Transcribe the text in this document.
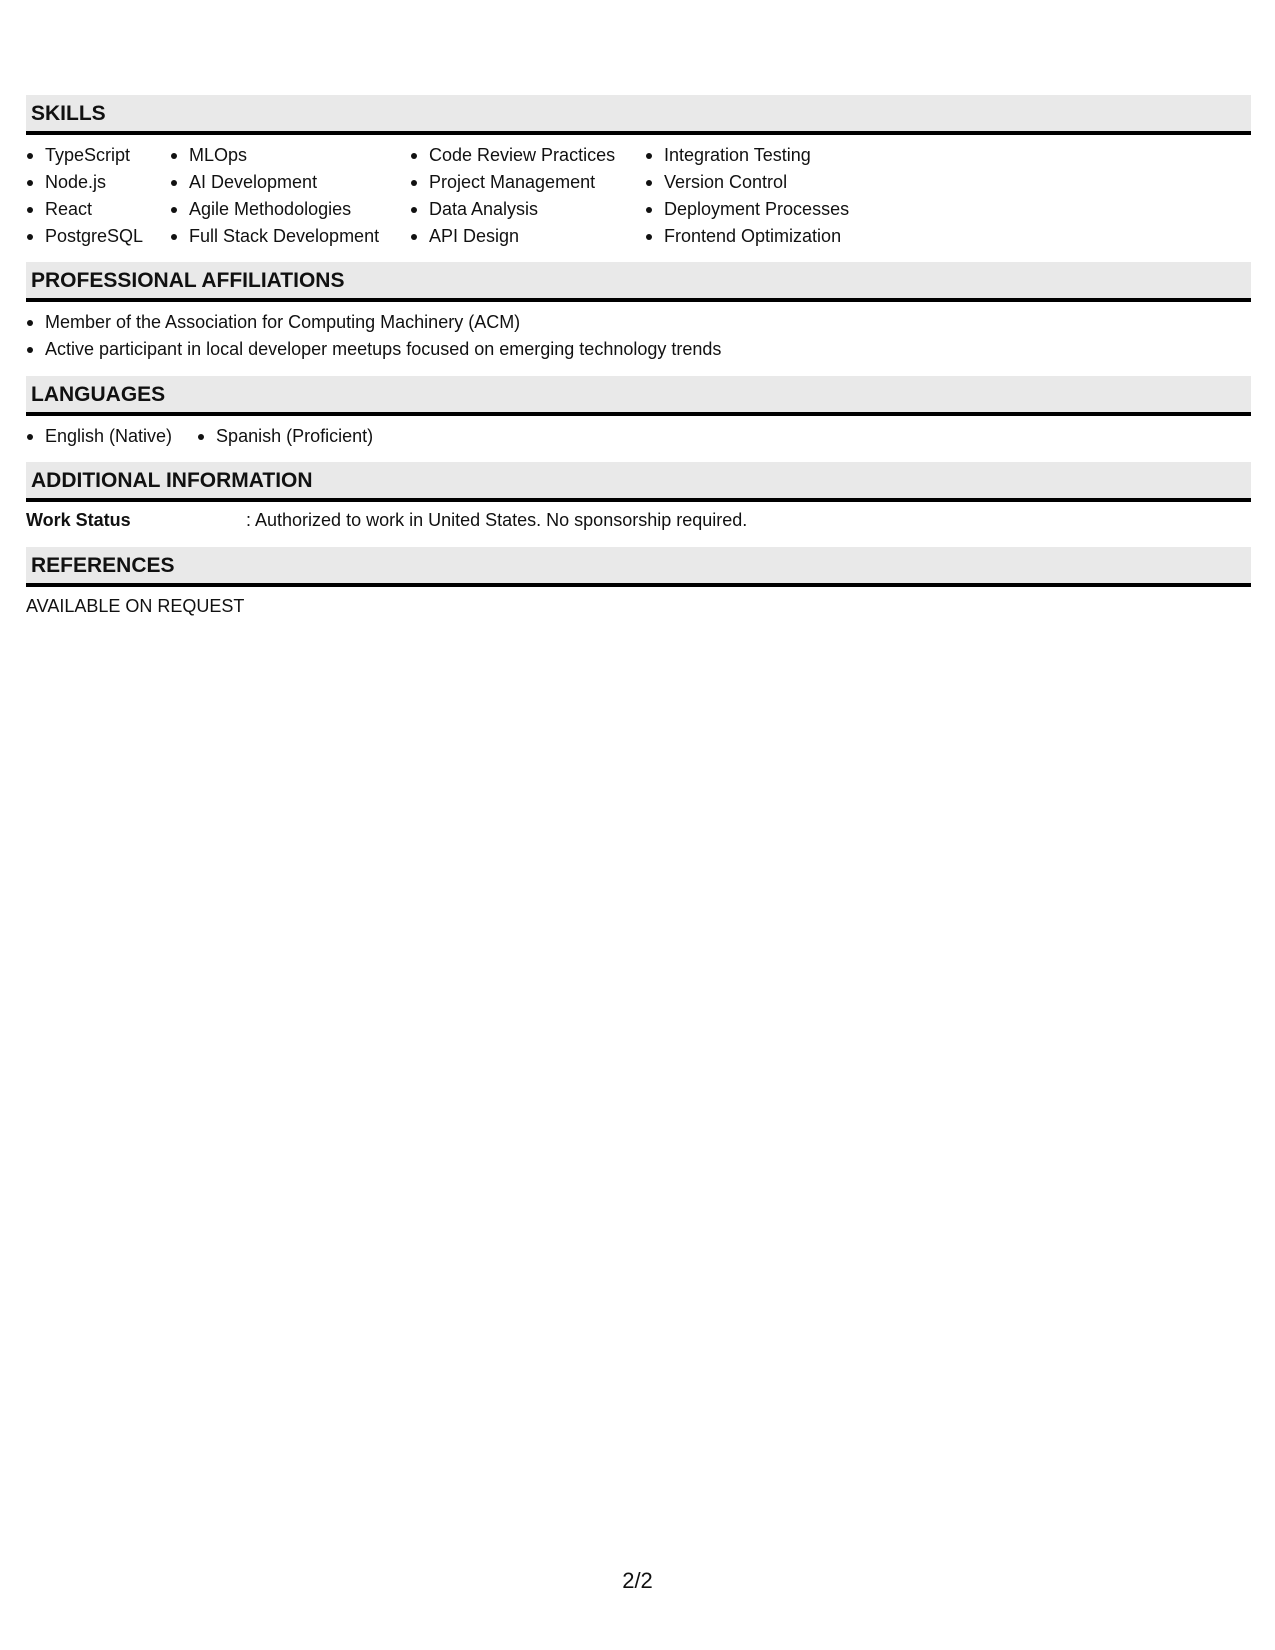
SKILLS
TypeScript
Node.js
React
PostgreSQL
MLOps
AI Development
Agile Methodologies
Full Stack Development
Code Review Practices
Project Management
Data Analysis
API Design
Integration Testing
Version Control
Deployment Processes
Frontend Optimization
PROFESSIONAL AFFILIATIONS
Member of the Association for Computing Machinery (ACM)
Active participant in local developer meetups focused on emerging technology trends
LANGUAGES
English (Native)	Spanish (Proficient)
ADDITIONAL INFORMATION
Work Status	: Authorized to work in United States. No sponsorship required.
REFERENCES
AVAILABLE ON REQUEST
2/2
